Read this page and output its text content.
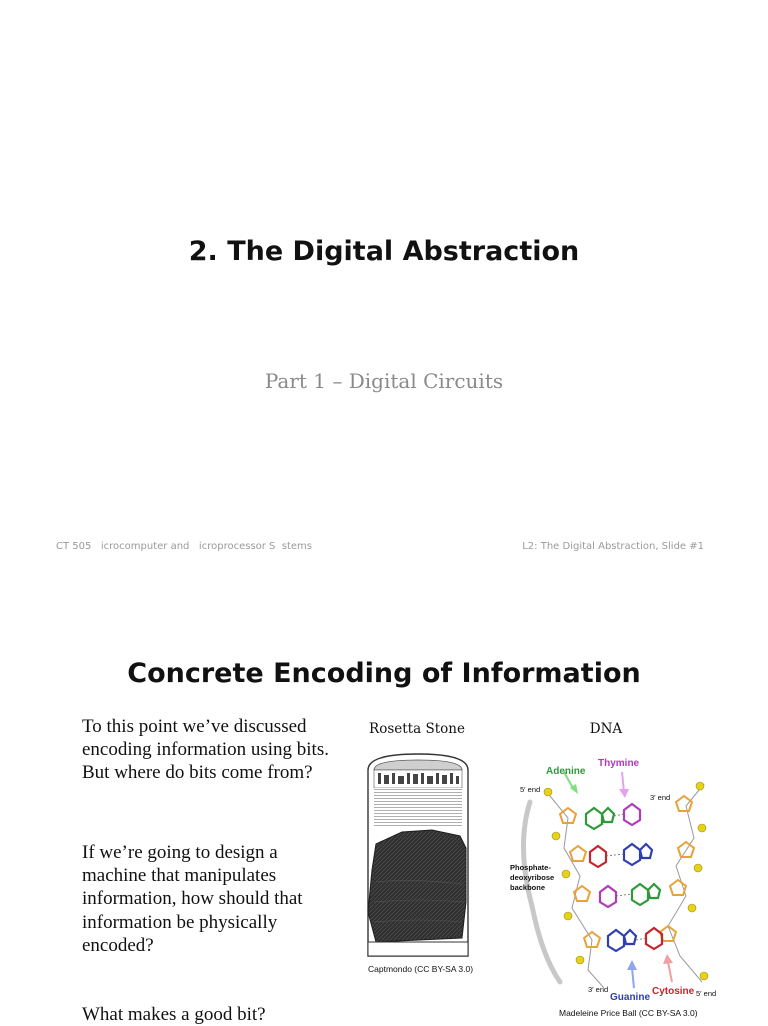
2. The Digital Abstraction
Part 1 – Digital Circuits
CT 505   icrocomputer and   icroprocessor S  stems	L2: The Digital Abstraction, Slide #1
Concrete Encoding of Information
To this point we’ve discussed encoding information using bits. But where do bits come from?
If we’re going to design a machine that manipulates information, how should that information be physically encoded?
What makes a good bit?
Rosetta Stone	DNA
Captmondo (CC BY-SA 3.0)
Adenine
Thymine
Guanine
Cytosine
Phosphate-
deoxyribose
backbone
5′ end
3′ end
3′ end	5′ end
Madeleine Price Ball (CC BY-SA 3.0)
